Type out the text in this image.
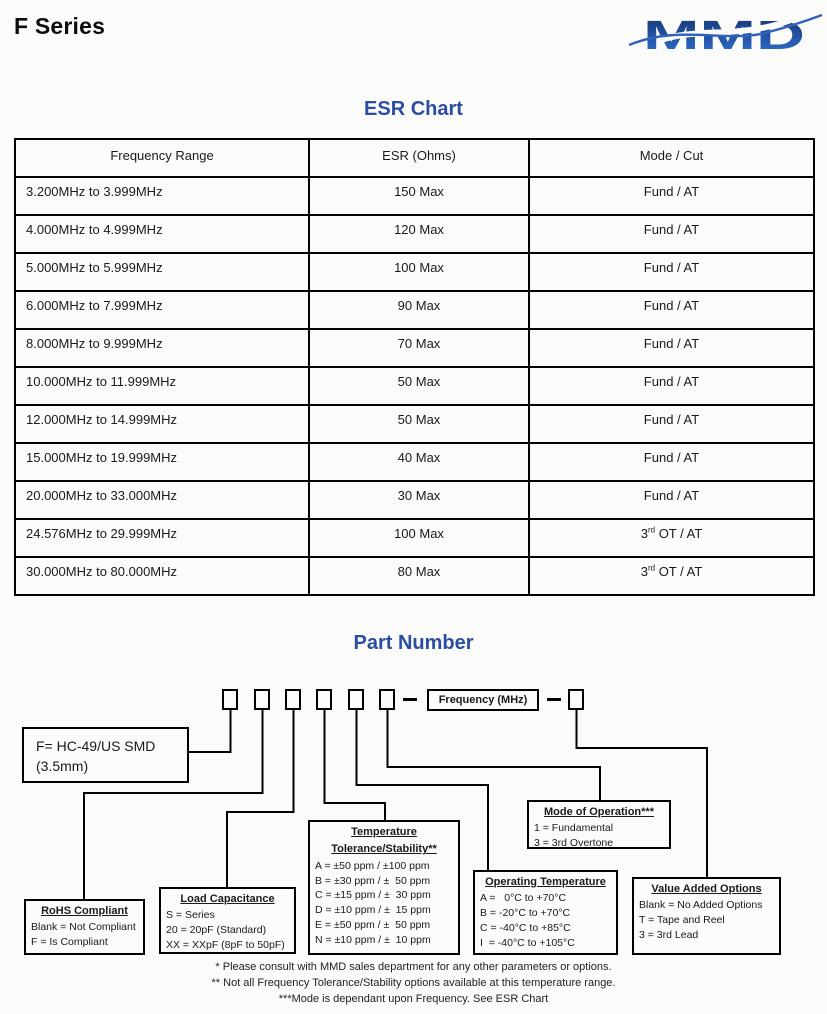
F Series	MMD
ESR Chart
Frequency Range	ESR (Ohms)	Mode / Cut
3.200MHz to 3.999MHz	150 Max	Fund / AT
4.000MHz to 4.999MHz	120 Max	Fund / AT
5.000MHz to 5.999MHz	100 Max	Fund / AT
6.000MHz to 7.999MHz	90 Max	Fund / AT
8.000MHz to 9.999MHz	70 Max	Fund / AT
10.000MHz to 11.999MHz	50 Max	Fund / AT
12.000MHz to 14.999MHz	50 Max	Fund / AT
15.000MHz to 19.999MHz	40 Max	Fund / AT
20.000MHz to 33.000MHz	30 Max	Fund / AT
24.576MHz to 29.999MHz	100 Max	3rd OT / AT
30.000MHz to 80.000MHz	80 Max	3rd OT / AT
Part Number
Frequency (MHz)
F= HC-49/US SMD
(3.5mm)
RoHS Compliant
Blank = Not Compliant
F = Is Compliant
Load Capacitance
S = Series
20 = 20pF (Standard)
XX = XXpF (8pF to 50pF)
Temperature
Tolerance/Stability**
A = ±50 ppm / ±100 ppm
B = ±30 ppm / ±  50 ppm
C = ±15 ppm / ±  30 ppm
D = ±10 ppm / ±  15 ppm
E = ±50 ppm / ±  50 ppm
N = ±10 ppm / ±  10 ppm
Mode of Operation***
1 = Fundamental
3 = 3rd Overtone
Operating Temperature
A =   0°C to +70°C
B = -20°C to +70°C
C = -40°C to +85°C
I  = -40°C to +105°C
Value Added Options
Blank = No Added Options
T = Tape and Reel
3 = 3rd Lead
* Please consult with MMD sales department for any other parameters or options.
** Not all Frequency Tolerance/Stability options available at this temperature range.
***Mode is dependant upon Frequency. See ESR Chart
